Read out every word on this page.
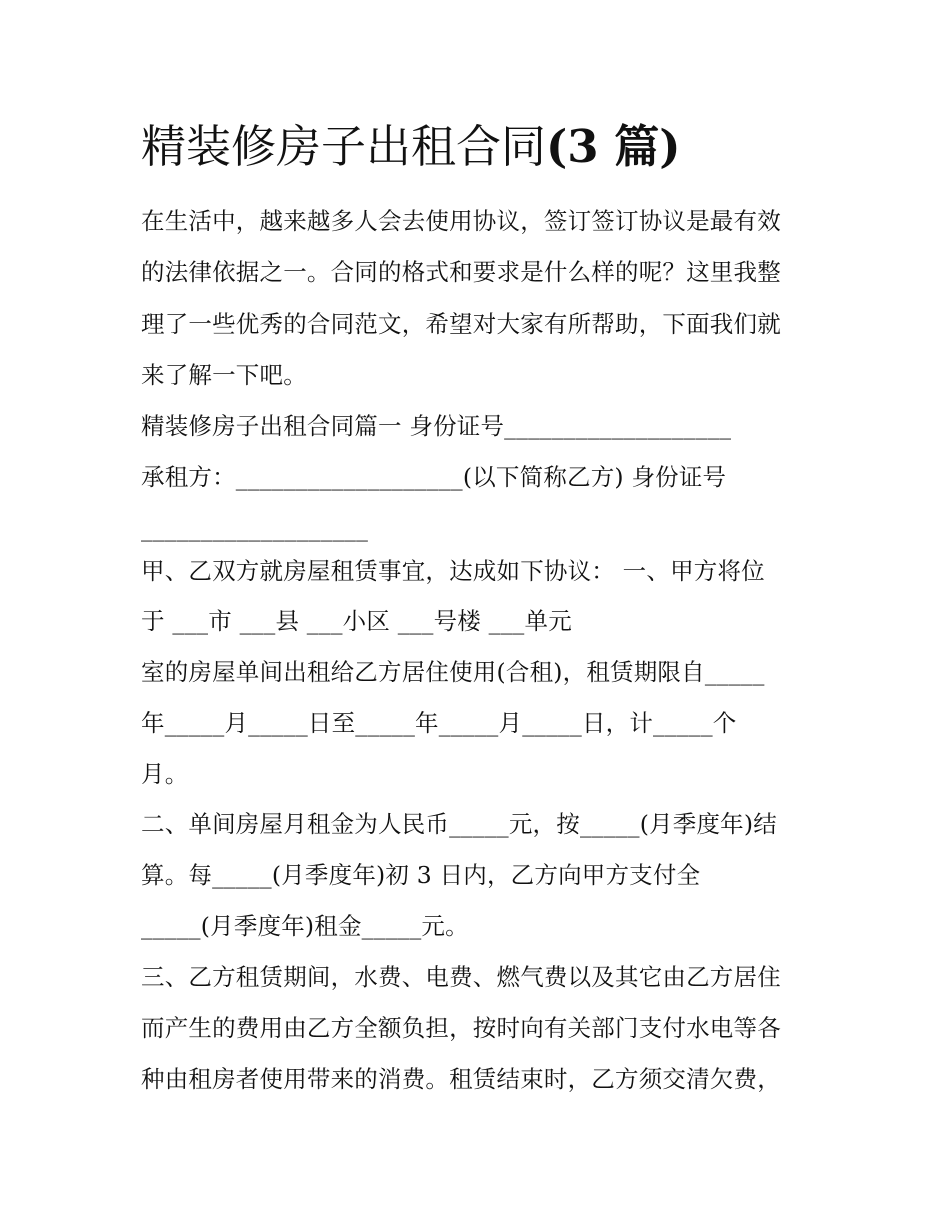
精装修房子出租合同(3 篇)
在生活中，越来越多人会去使用协议，签订签订协议是最有效
的法律依据之一。合同的格式和要求是什么样的呢？这里我整
理了一些优秀的合同范文，希望对大家有所帮助，下面我们就
来了解一下吧。
精装修房子出租合同篇一 身份证号___________________
承租方：___________________(以下简称乙方) 身份证号
___________________
甲、乙双方就房屋租赁事宜，达成如下协议： 一、甲方将位
于 ___市 ___县 ___小区 ___号楼 ___单元
室的房屋单间出租给乙方居住使用(合租)，租赁期限自_____
年_____月_____日至_____年_____月_____日，计_____个
月。
二、单间房屋月租金为人民币_____元，按_____(月季度年)结
算。每_____(月季度年)初 3 日内，乙方向甲方支付全
_____(月季度年)租金_____元。
三、乙方租赁期间，水费、电费、燃气费以及其它由乙方居住
而产生的费用由乙方全额负担，按时向有关部门支付水电等各
种由租房者使用带来的消费。租赁结束时，乙方须交清欠费，
